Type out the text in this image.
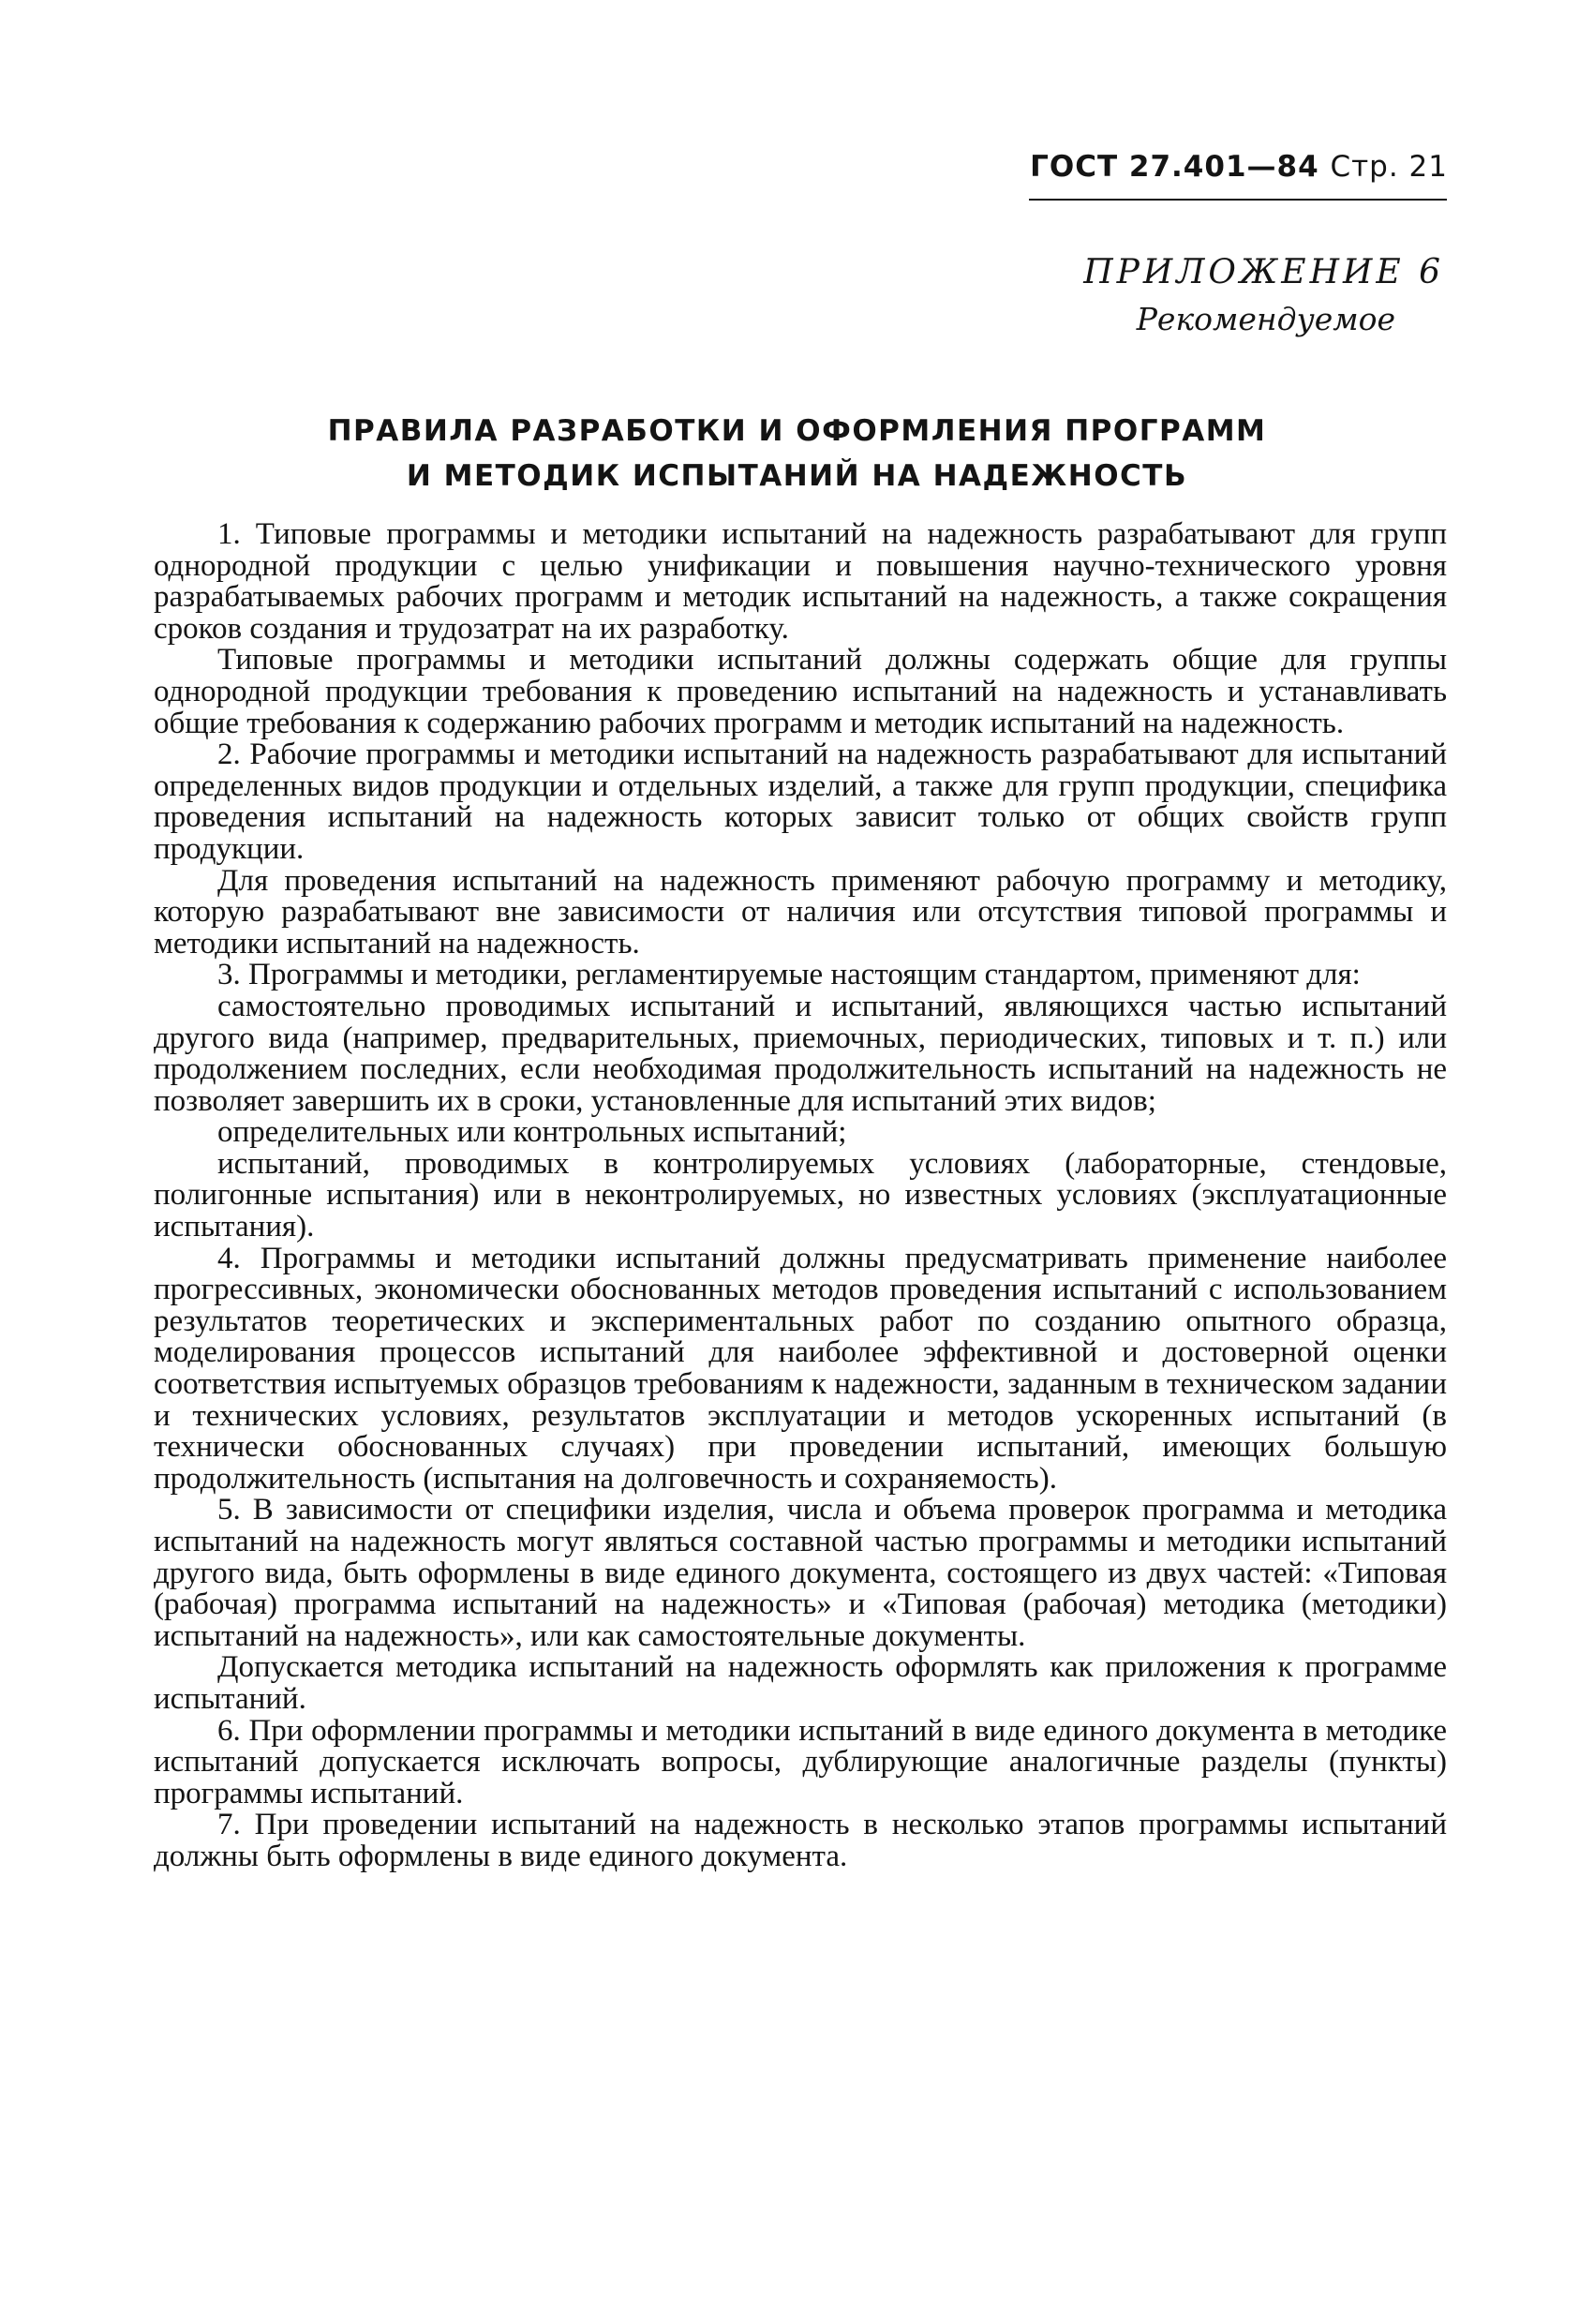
ГОСТ 27.401—84 Стр. 21
ПРИЛОЖЕНИЕ 6
Рекомендуемое
ПРАВИЛА РАЗРАБОТКИ И ОФОРМЛЕНИЯ ПРОГРАММ
И МЕТОДИК ИСПЫТАНИЙ НА НАДЕЖНОСТЬ

1. Типовые программы и методики испытаний на надежность разрабатывают для групп однородной продукции с целью унификации и повышения научно-технического уровня разрабатываемых рабочих программ и методик испытаний на надежность, а также сокращения сроков создания и трудозатрат на их разработку.

Типовые программы и методики испытаний должны содержать общие для группы однородной продукции требования к проведению испытаний на надежность и устанавливать общие требования к содержанию рабочих программ и методик испытаний на надежность.

2. Рабочие программы и методики испытаний на надежность разрабатывают для испытаний определенных видов продукции и отдельных изделий, а также для групп продукции, специфика проведения испытаний на надежность которых зависит только от общих свойств групп продукции.

Для проведения испытаний на надежность применяют рабочую программу и методику, которую разрабатывают вне зависимости от наличия или отсутствия типовой программы и методики испытаний на надежность.

3. Программы и методики, регламентируемые настоящим стандартом, применяют для:

самостоятельно проводимых испытаний и испытаний, являющихся частью испытаний другого вида (например, предварительных, приемочных, периодических, типовых и т. п.) или продолжением последних, если необходимая продолжительность испытаний на надежность не позволяет завершить их в сроки, установленные для испытаний этих видов;

определительных или контрольных испытаний;

испытаний, проводимых в контролируемых условиях (лабораторные, стендовые, полигонные испытания) или в неконтролируемых, но известных условиях (эксплуатационные испытания).

4. Программы и методики испытаний должны предусматривать применение наиболее прогрессивных, экономически обоснованных методов проведения испытаний с использованием результатов теоретических и экспериментальных работ по созданию опытного образца, моделирования процессов испытаний для наиболее эффективной и достоверной оценки соответствия испытуемых образцов требованиям к надежности, заданным в техническом задании и технических условиях, результатов эксплуатации и методов ускоренных испытаний (в технически обоснованных случаях) при проведении испытаний, имеющих большую продолжительность (испытания на долговечность и сохраняемость).

5. В зависимости от специфики изделия, числа и объема проверок программа и методика испытаний на надежность могут являться составной частью программы и методики испытаний другого вида, быть оформлены в виде единого документа, состоящего из двух частей: «Типовая (рабочая) программа испытаний на надежность» и «Типовая (рабочая) методика (методики) испытаний на надежность», или как самостоятельные документы.

Допускается методика испытаний на надежность оформлять как приложения к программе испытаний.

6. При оформлении программы и методики испытаний в виде единого документа в методике испытаний допускается исключать вопросы, дублирующие аналогичные разделы (пункты) программы испытаний.

7. При проведении испытаний на надежность в несколько этапов программы испытаний должны быть оформлены в виде единого документа.
